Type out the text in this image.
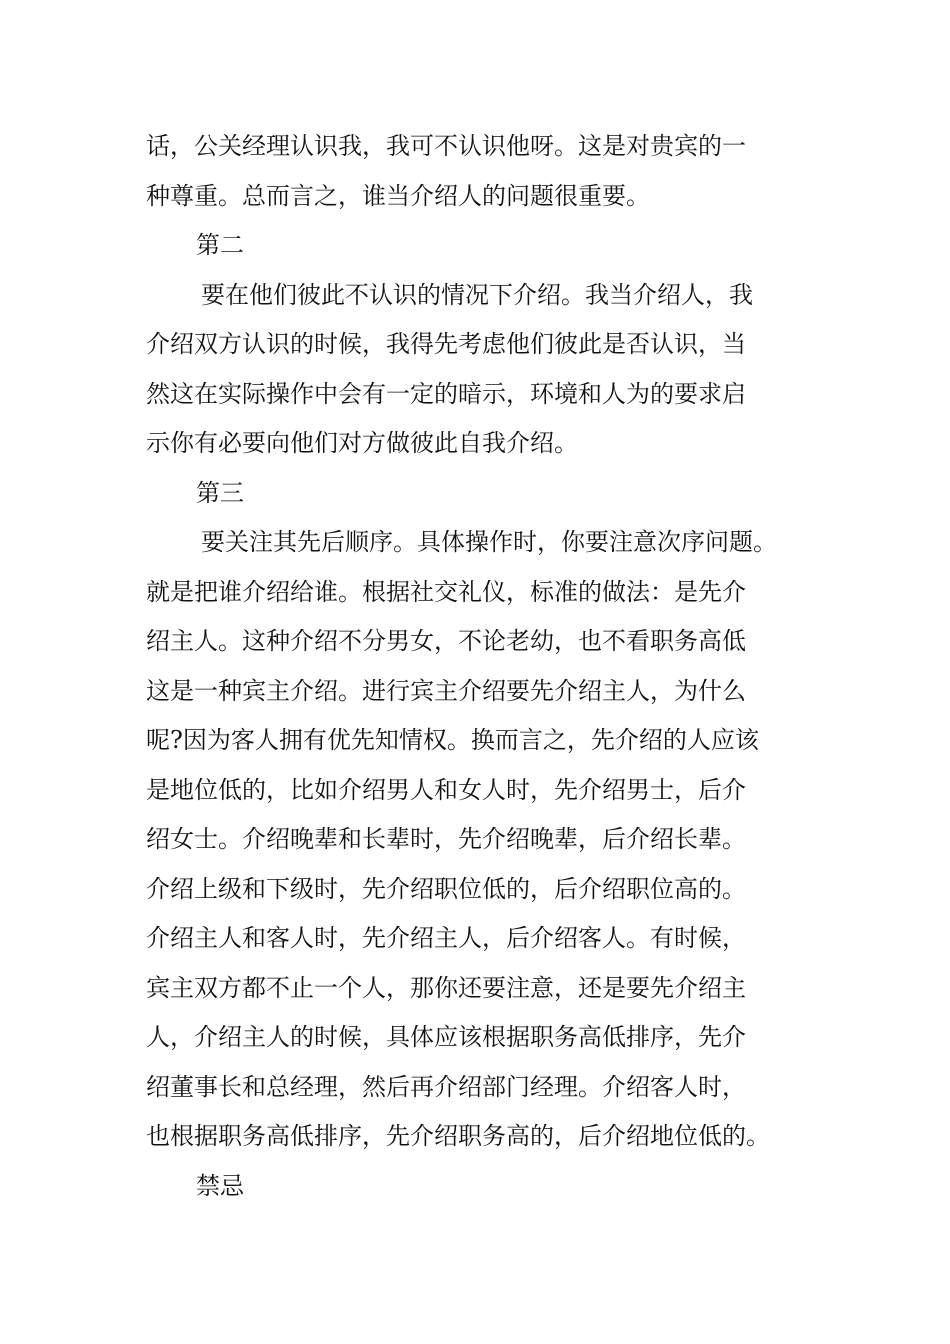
话，公关经理认识我，我可不认识他呀。这是对贵宾的一
种尊重。总而言之，谁当介绍人的问题很重要。
第二
要在他们彼此不认识的情况下介绍。我当介绍人，我
介绍双方认识的时候，我得先考虑他们彼此是否认识，当
然这在实际操作中会有一定的暗示，环境和人为的要求启
示你有必要向他们对方做彼此自我介绍。
第三
要关注其先后顺序。具体操作时，你要注意次序问题。
就是把谁介绍给谁。根据社交礼仪，标准的做法：是先介
绍主人。这种介绍不分男女，不论老幼，也不看职务高低
这是一种宾主介绍。进行宾主介绍要先介绍主人，为什么
呢?因为客人拥有优先知情权。换而言之，先介绍的人应该
是地位低的，比如介绍男人和女人时，先介绍男士，后介
绍女士。介绍晚辈和长辈时，先介绍晚辈，后介绍长辈。
介绍上级和下级时，先介绍职位低的，后介绍职位高的。
介绍主人和客人时，先介绍主人，后介绍客人。有时候，
宾主双方都不止一个人，那你还要注意，还是要先介绍主
人，介绍主人的时候，具体应该根据职务高低排序，先介
绍董事长和总经理，然后再介绍部门经理。介绍客人时，
也根据职务高低排序，先介绍职务高的，后介绍地位低的。
禁忌
